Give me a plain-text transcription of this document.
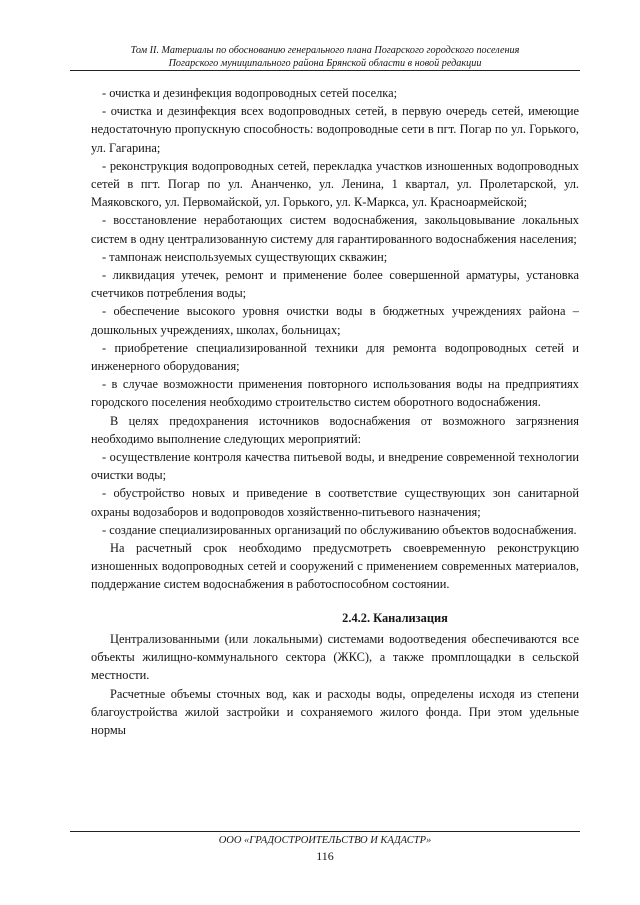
Том II. Материалы по обоснованию генерального плана Погарского городского поселения
Погарского муниципального района Брянской области в новой редакции

- очистка и дезинфекция водопроводных сетей поселка;

- очистка и дезинфекция всех водопроводных сетей, в первую очередь сетей, имеющие недостаточную пропускную способность: водопроводные сети в пгт. Погар по ул. Горького, ул. Гагарина;

- реконструкция водопроводных сетей, перекладка участков изношенных водопроводных сетей в пгт. Погар по ул. Ананченко, ул. Ленина, 1 квартал, ул. Пролетарской, ул. Маяковского, ул. Первомайской, ул. Горького, ул. К-Маркса, ул. Красноармейской;

- восстановление неработающих систем водоснабжения, закольцовывание локальных систем в одну централизованную систему для гарантированного водоснабжения населения;

- тампонаж неиспользуемых существующих скважин;

- ликвидация утечек, ремонт и применение более совершенной арматуры, установка счетчиков потребления воды;

- обеспечение высокого уровня очистки воды в бюджетных учреждениях района – дошкольных учреждениях, школах, больницах;

- приобретение специализированной техники для ремонта водопроводных сетей и инженерного оборудования;

- в случае возможности применения повторного использования воды на предприятиях городского поселения необходимо строительство систем оборотного водоснабжения.

В целях предохранения источников водоснабжения от возможного загрязнения необходимо выполнение следующих мероприятий:

- осуществление контроля качества питьевой воды, и внедрение современной технологии очистки воды;

- обустройство новых и приведение в соответствие существующих зон санитарной охраны водозаборов и водопроводов хозяйственно-питьевого назначения;

- создание специализированных организаций по обслуживанию объектов водоснабжения.

На расчетный срок необходимо предусмотреть своевременную реконструкцию изношенных водопроводных сетей и сооружений с применением современных материалов, поддержание систем водоснабжения в работоспособном состоянии.

2.4.2. Канализация

Централизованными (или локальными) системами водоотведения обеспечиваются все объекты жилищно-коммунального сектора (ЖКС), а также промплощадки в сельской местности.

Расчетные объемы сточных вод, как и расходы воды, определены исходя из степени благоустройства жилой застройки и сохраняемого жилого фонда. При этом удельные нормы

ООО «ГРАДОСТРОИТЕЛЬСТВО И КАДАСТР»
116
